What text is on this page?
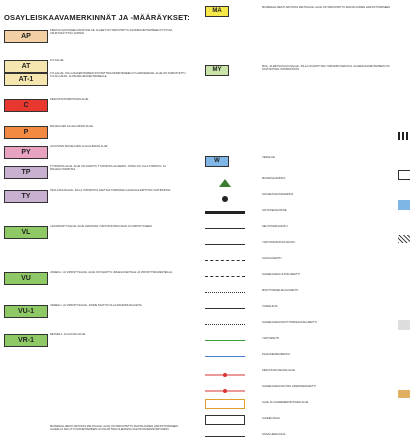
OSAYLEISKAAVAMERKINNÄT JA -MÄÄRÄYKSET:
AP
PIENTALOVALTAINEN ASUNTOALUE. ALUEET ON TARKOITETTU ASUINRAKENTAMISEEN PYSYVÄÄ ASUNTOKÄYTTÖÄ VARTEN.
AT
KYLÄALUE.
AT-1
KYLÄALUE, JOLLA RAKENTAMINEN SOVITETTAVA PERINTEISEEN KYLÄMAISEMAAN. ALUE ON TARKOITETTU KYLÄN ASUIN- JA PALVELURAKENTAMISELLE.
C
KESKUSTATOIMINTOJEN ALUE.
P
PALVELUJEN JA HALLINNON ALUE.
PY
JULKISTEN PALVELUJEN JA HALLINNON ALUE.
TP
TYÖPAIKKA-ALUE. ALUE ON VARATTU TYÖPAIKKA-ALUEEKSI, JOSSA VOI OLLA TOIMISTO- JA PALVELUTOIMINTAA.
TY
TEOLLISUUSALUE, JOLLA YMPÄRISTÖ ASETTAA TOIMINNAN LAADULLE ERITYISIÄ VAATIMUKSIA.
VL
LÄHIVIRKISTYSALUE. ALUE VARATAAN YHDYSKUNTAKUVAAN JA VIRKISTYKSEEN.
VU
URHEILU- JA VIRKISTYSALUE. ALUE ON VARATTU URHEILUKENTILLE JA VIRKISTYSRAKENTEILLE.
VU-1
URHEILU- JA VIRKISTYSALUE, JONNE SAATTOI OLLA RAKENNUSALUEITA.
VR-1
RETKEILY- JA ULKOILUALUE.
MAISEMALLISESTI ARVOKAS PELTOALUE. ALUE ON TARKOITETTU MAATALOUDEN HARJOITTAMISEEN. ALUEELLA SALLITTU RAKENTAMINEN ON OHJATTAVA OLEMASSA OLEVIIN RAKENNUSRYHMIIN.
MA
MAISEMALLISESTI ARVOKAS PELTOALUE. ALUE ON TARKOITETTU MAATALOUDEN HARJOITTAMISEEN.
MY
MAA- JA METSÄTALOUSALUE, JOLLA ON ERITYISIÄ YMPÄRISTÖARVOJA. ALUEEN RAKENTAMINEN ON SOVITETTAVA YMPÄRISTÖÖN.
W
VESIALUE.
MUINAISJÄÄNNÖS.
SUOJELTAVA RAKENNUS.
VALTATIE/KANTATIE.
SEUTUTIE/PÄÄKATU.
YHDYSTIE/KOKOOJAKATU.
ULKOILUREITTI.
OHJEELLINEN ULKOILUREITTI.
MOOTTORIKELKKAILUREITTI.
VOIMALINJA.
OHJEELLINEN MOOTTORIKELKKAILUREITTI.
YHDYSRAITTI.
PÄÄLIIKENNEVERKKO.
KESKUSTAN REUNA-ALUE.
OHJEELLINEN KEVYEN LIIKENTEEN REITTI.
ALUE JA KOHDEMERKINTÖJEN ALUE.
ALUEEN RAJA.
OSAALUEEN RAJA.
